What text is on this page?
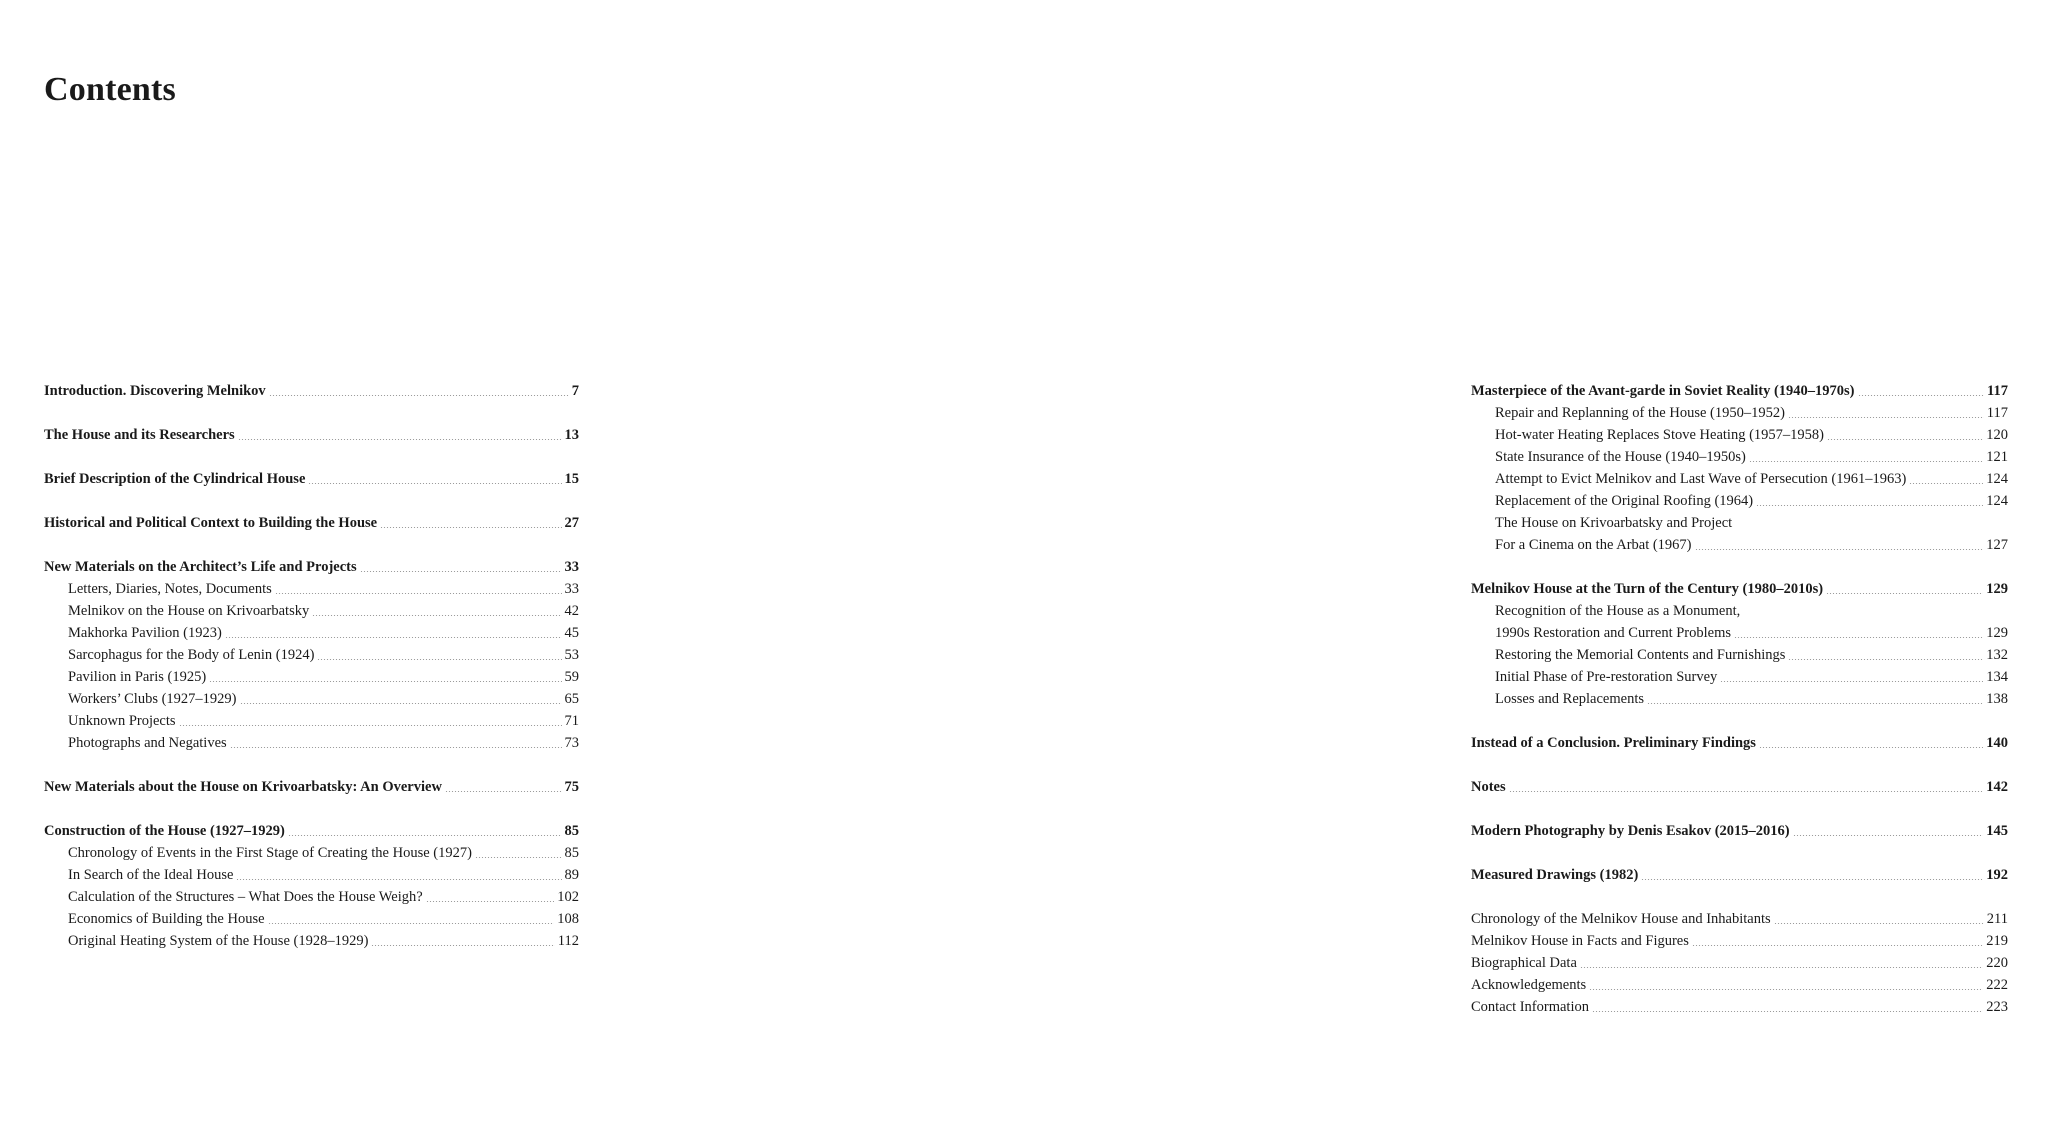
Contents
Introduction. Discovering Melnikov	7
The House and its Researchers	13
Brief Description of the Cylindrical House	15
Historical and Political Context to Building the House	27
New Materials on the Architect’s Life and Projects	33
Letters, Diaries, Notes, Documents	33
Melnikov on the House on Krivoarbatsky	42
Makhorka Pavilion (1923)	45
Sarcophagus for the Body of Lenin (1924)	53
Pavilion in Paris (1925)	59
Workers’ Clubs (1927–1929)	65
Unknown Projects	71
Photographs and Negatives	73
New Materials about the House on Krivoarbatsky: An Overview	75
Construction of the House (1927–1929)	85
Chronology of Events in the First Stage of Creating the House (1927)	85
In Search of the Ideal House	89
Calculation of the Structures – What Does the House Weigh?	102
Economics of Building the House	108
Original Heating System of the House (1928–1929)	112
Masterpiece of the Avant-garde in Soviet Reality (1940–1970s)	117
Repair and Replanning of the House (1950–1952)	117
Hot-water Heating Replaces Stove Heating (1957–1958)	120
State Insurance of the House (1940–1950s)	121
Attempt to Evict Melnikov and Last Wave of Persecution (1961–1963)	124
Replacement of the Original Roofing (1964)	124
The House on Krivoarbatsky and Project
For a Cinema on the Arbat (1967)	127
Melnikov House at the Turn of the Century (1980–2010s)	129
Recognition of the House as a Monument,
1990s Restoration and Current Problems	129
Restoring the Memorial Contents and Furnishings	132
Initial Phase of Pre-restoration Survey	134
Losses and Replacements	138
Instead of a Conclusion. Preliminary Findings	140
Notes	142
Modern Photography by Denis Esakov (2015–2016)	145
Measured Drawings (1982)	192
Chronology of the Melnikov House and Inhabitants	211
Melnikov House in Facts and Figures	219
Biographical Data	220
Acknowledgements	222
Contact Information	223
